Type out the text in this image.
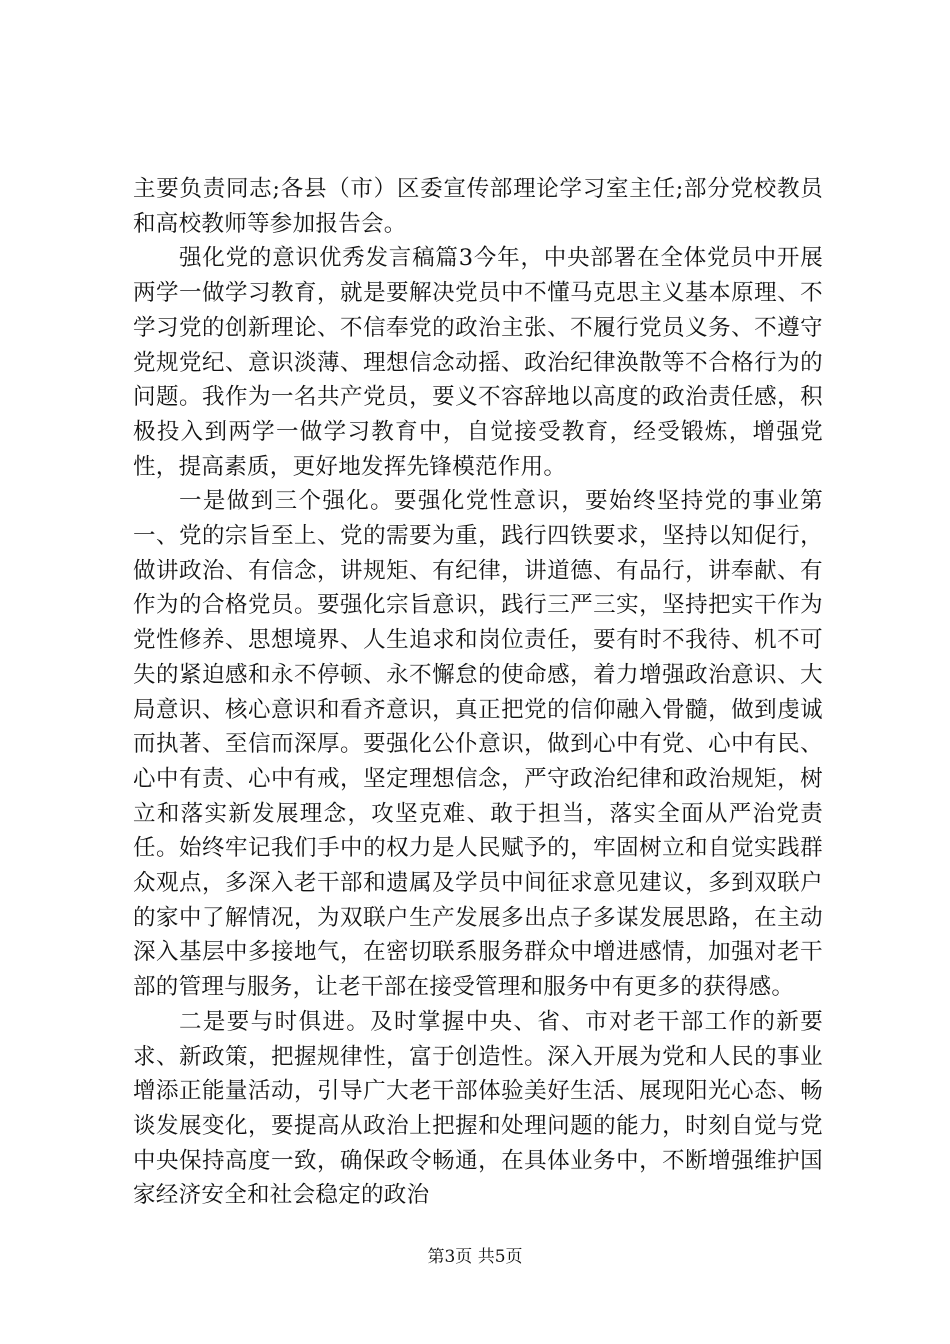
主要负责同志;各县（市）区委宣传部理论学习室主任;部分党校教员和高校教师等参加报告会。

强化党的意识优秀发言稿篇3今年，中央部署在全体党员中开展两学一做学习教育，就是要解决党员中不懂马克思主义基本原理、不学习党的创新理论、不信奉党的政治主张、不履行党员义务、不遵守党规党纪、意识淡薄、理想信念动摇、政治纪律涣散等不合格行为的问题。我作为一名共产党员，要义不容辞地以高度的政治责任感，积极投入到两学一做学习教育中，自觉接受教育，经受锻炼，增强党性，提高素质，更好地发挥先锋模范作用。

一是做到三个强化。要强化党性意识，要始终坚持党的事业第一、党的宗旨至上、党的需要为重，践行四铁要求，坚持以知促行，做讲政治、有信念，讲规矩、有纪律，讲道德、有品行，讲奉献、有作为的合格党员。要强化宗旨意识，践行三严三实，坚持把实干作为党性修养、思想境界、人生追求和岗位责任，要有时不我待、机不可失的紧迫感和永不停顿、永不懈怠的使命感，着力增强政治意识、大局意识、核心意识和看齐意识，真正把党的信仰融入骨髓，做到虔诚而执著、至信而深厚。要强化公仆意识，做到心中有党、心中有民、心中有责、心中有戒，坚定理想信念，严守政治纪律和政治规矩，树立和落实新发展理念，攻坚克难、敢于担当，落实全面从严治党责任。始终牢记我们手中的权力是人民赋予的，牢固树立和自觉实践群众观点，多深入老干部和遗属及学员中间征求意见建议，多到双联户的家中了解情况，为双联户生产发展多出点子多谋发展思路，在主动深入基层中多接地气，在密切联系服务群众中增进感情，加强对老干部的管理与服务，让老干部在接受管理和服务中有更多的获得感。

二是要与时俱进。及时掌握中央、省、市对老干部工作的新要求、新政策，把握规律性，富于创造性。深入开展为党和人民的事业增添正能量活动，引导广大老干部体验美好生活、展现阳光心态、畅谈发展变化，要提高从政治上把握和处理问题的能力，时刻自觉与党中央保持高度一致，确保政令畅通，在具体业务中，不断增强维护国家经济安全和社会稳定的政治

第3页 共5页
